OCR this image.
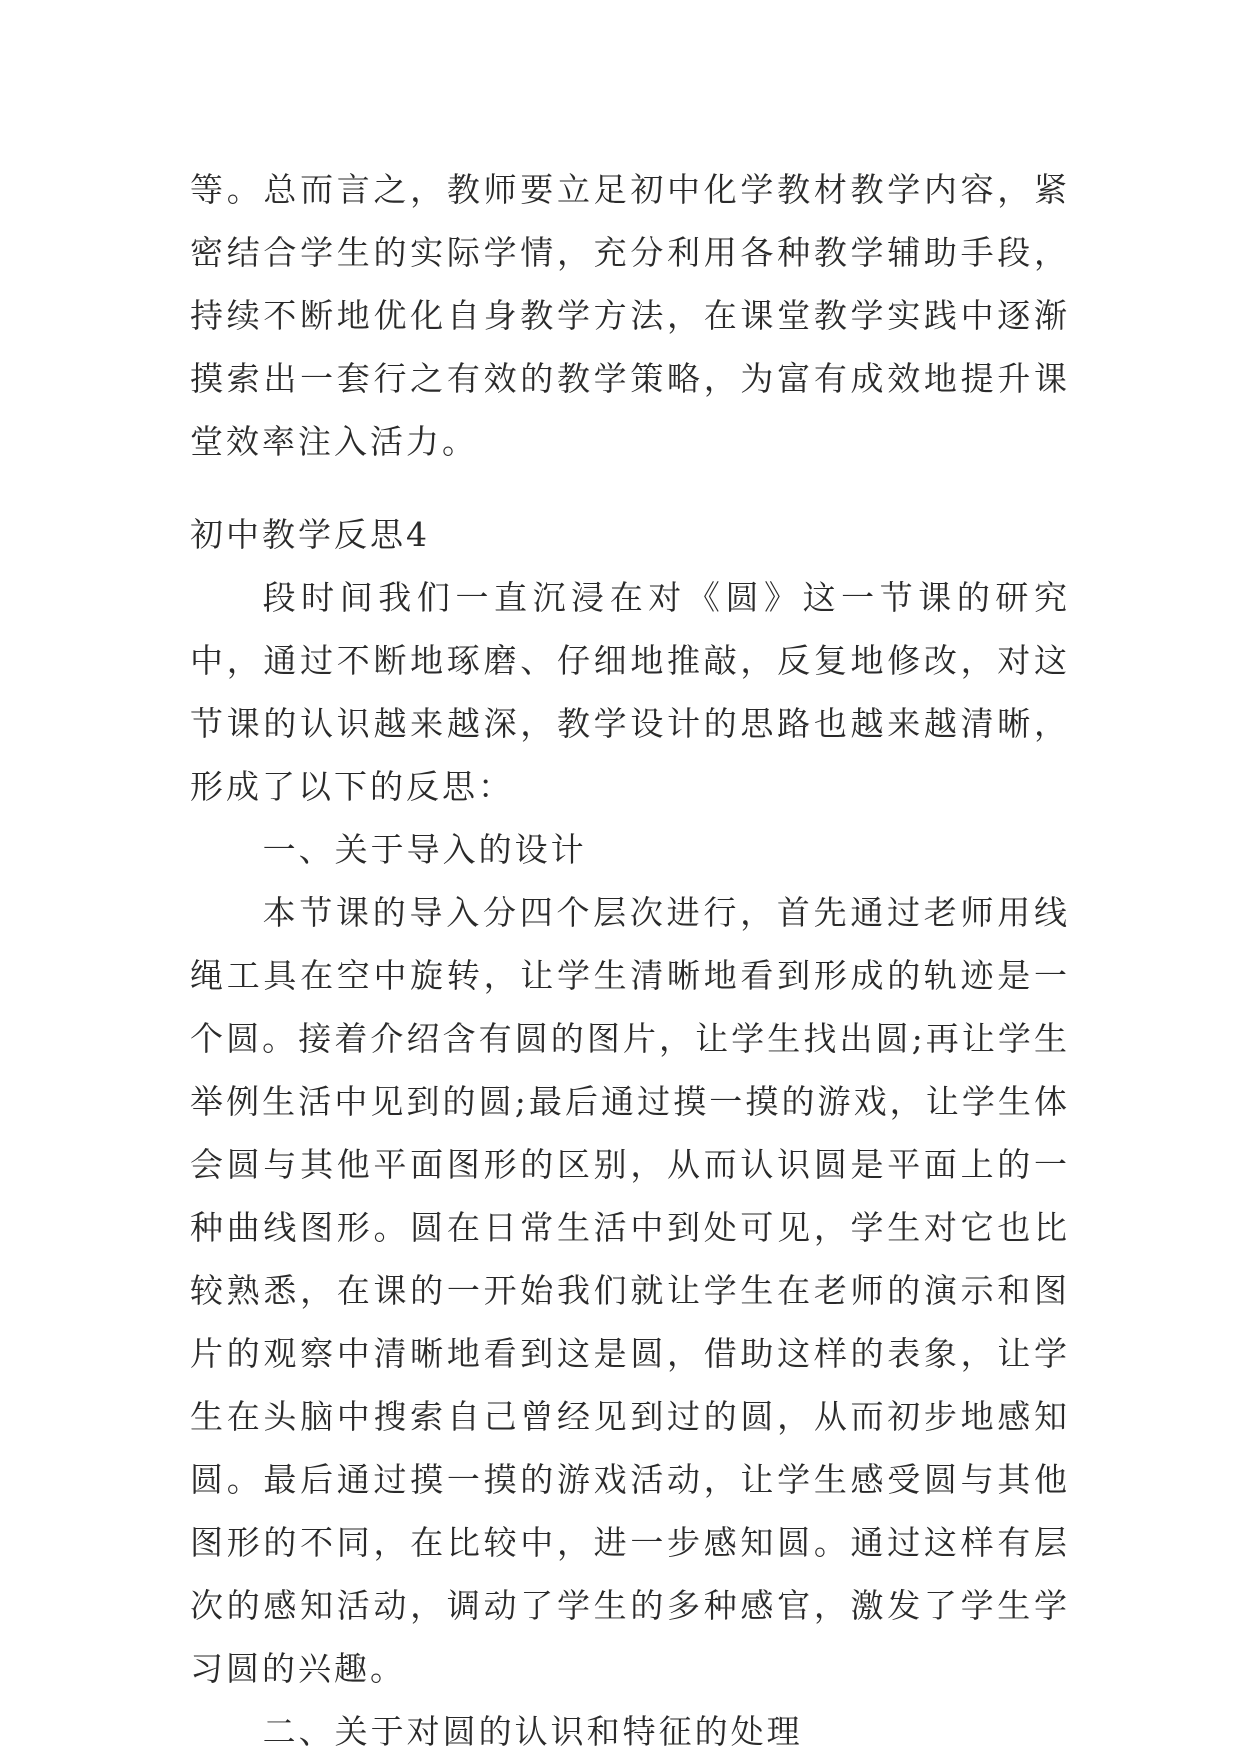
等。总而言之，教师要立足初中化学教材教学内容，紧密结合学生的实际学情，充分利用各种教学辅助手段，持续不断地优化自身教学方法，在课堂教学实践中逐渐摸索出一套行之有效的教学策略，为富有成效地提升课堂效率注入活力。

初中教学反思4

段时间我们一直沉浸在对《圆》这一节课的研究中，通过不断地琢磨、仔细地推敲，反复地修改，对这节课的认识越来越深，教学设计的思路也越来越清晰，形成了以下的反思：

一、关于导入的设计

本节课的导入分四个层次进行，首先通过老师用线绳工具在空中旋转，让学生清晰地看到形成的轨迹是一个圆。接着介绍含有圆的图片，让学生找出圆;再让学生举例生活中见到的圆;最后通过摸一摸的游戏，让学生体会圆与其他平面图形的区别，从而认识圆是平面上的一种曲线图形。圆在日常生活中到处可见，学生对它也比较熟悉，在课的一开始我们就让学生在老师的演示和图片的观察中清晰地看到这是圆，借助这样的表象，让学生在头脑中搜索自己曾经见到过的圆，从而初步地感知圆。最后通过摸一摸的游戏活动，让学生感受圆与其他图形的不同，在比较中，进一步感知圆。通过这样有层次的感知活动，调动了学生的多种感官，激发了学生学习圆的兴趣。

二、关于对圆的认识和特征的处理
